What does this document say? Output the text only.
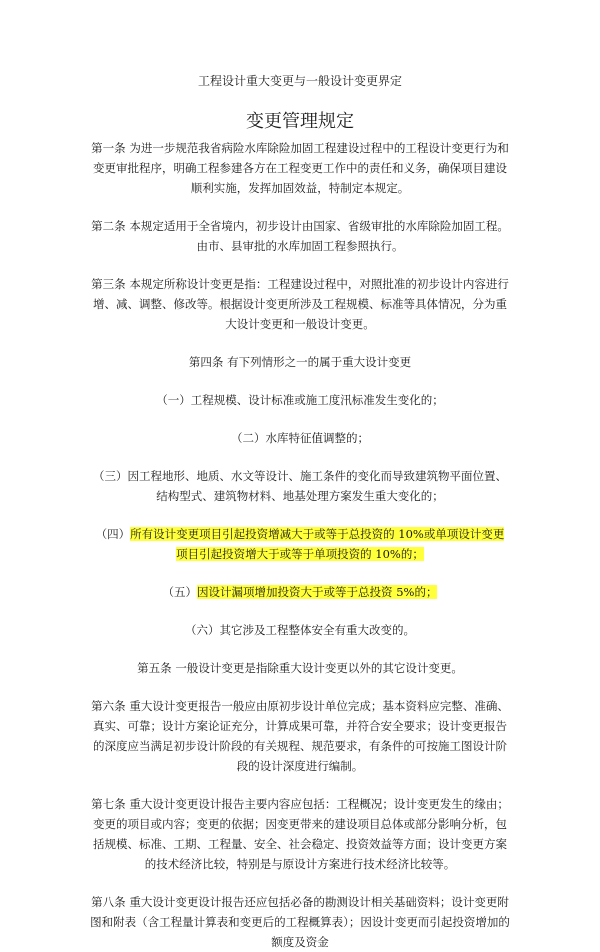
工程设计重大变更与一般设计变更界定
变更管理规定

第一条 为进一步规范我省病险水库除险加固工程建设过程中的工程设计变更行为和变更审批程序，明确工程参建各方在工程变更工作中的责任和义务，确保项目建设顺利实施，发挥加固效益，特制定本规定。

第二条 本规定适用于全省境内，初步设计由国家、省级审批的水库除险加固工程。由市、县审批的水库加固工程参照执行。

第三条 本规定所称设计变更是指：工程建设过程中，对照批准的初步设计内容进行增、减、调整、修改等。根据设计变更所涉及工程规模、标准等具体情况，分为重大设计变更和一般设计变更。

第四条 有下列情形之一的属于重大设计变更

（一）工程规模、设计标准或施工度汛标准发生变化的；

（二）水库特征值调整的；

（三）因工程地形、地质、水文等设计、施工条件的变化而导致建筑物平面位置、结构型式、建筑物材料、地基处理方案发生重大变化的；

（四）所有设计变更项目引起投资增减大于或等于总投资的 10%或单项设计变更项目引起投资增大于或等于单项投资的 10%的；

（五）因设计漏项增加投资大于或等于总投资 5%的；

（六）其它涉及工程整体安全有重大改变的。

第五条 一般设计变更是指除重大设计变更以外的其它设计变更。

第六条 重大设计变更报告一般应由原初步设计单位完成；基本资料应完整、准确、真实、可靠；设计方案论证充分，计算成果可靠，并符合安全要求；设计变更报告的深度应当满足初步设计阶段的有关规程、规范要求，有条件的可按施工图设计阶段的设计深度进行编制。

第七条 重大设计变更设计报告主要内容应包括：工程概况；设计变更发生的缘由；变更的项目或内容；变更的依据；因变更带来的建设项目总体或部分影响分析，包括规模、标准、工期、工程量、安全、社会稳定、投资效益等方面；设计变更方案的技术经济比较，特别是与原设计方案进行技术经济比较等。

第八条 重大设计变更设计报告还应包括必备的勘测设计相关基础资料；设计变更附图和附表（含工程量计算表和变更后的工程概算表）；因设计变更而引起投资增加的额度及资金
